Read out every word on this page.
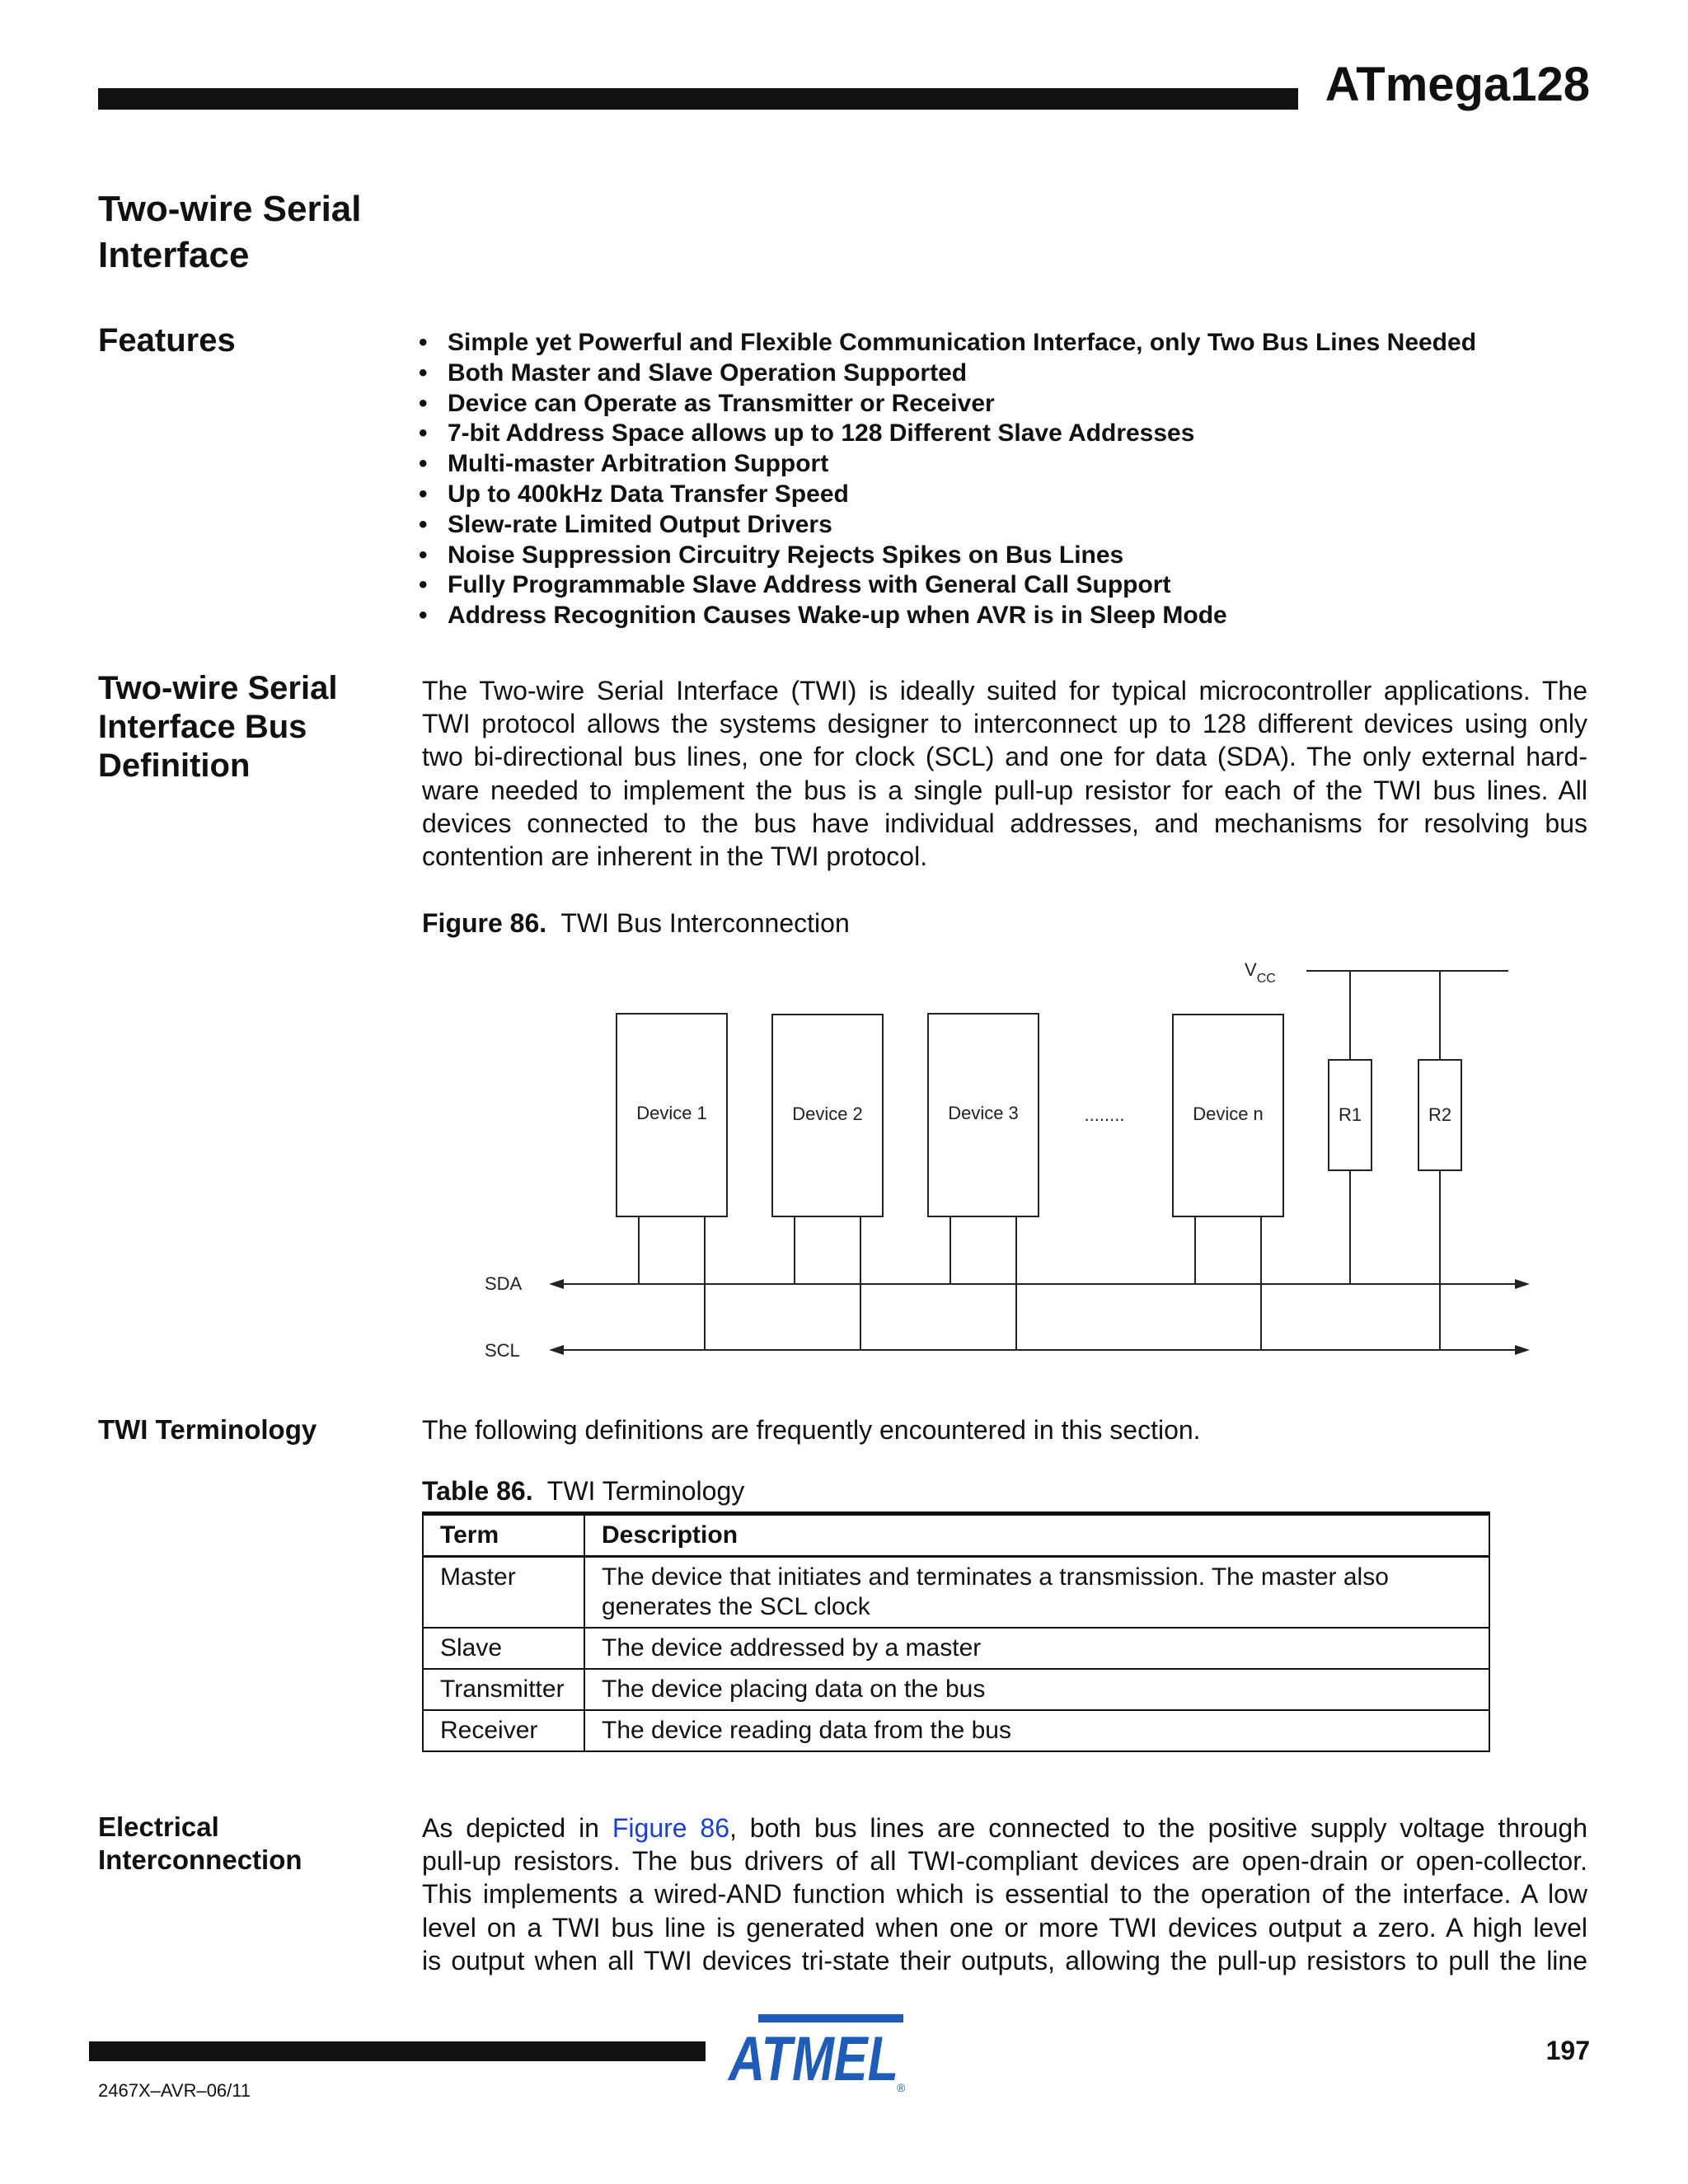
ATmega128
Two-wire Serial
Interface
Features	• Simple yet Powerful and Flexible Communication Interface, only Two Bus Lines Needed
• Both Master and Slave Operation Supported
• Device can Operate as Transmitter or Receiver
• 7-bit Address Space allows up to 128 Different Slave Addresses
• Multi-master Arbitration Support
• Up to 400kHz Data Transfer Speed
• Slew-rate Limited Output Drivers
• Noise Suppression Circuitry Rejects Spikes on Bus Lines
• Fully Programmable Slave Address with General Call Support
• Address Recognition Causes Wake-up when AVR is in Sleep Mode
Two-wire Serial
Interface Bus
Definition
The Two-wire Serial Interface (TWI) is ideally suited for typical microcontroller applications. The
TWI protocol allows the systems designer to interconnect up to 128 different devices using only
two bi-directional bus lines, one for clock (SCL) and one for data (SDA). The only external hard-
ware needed to implement the bus is a single pull-up resistor for each of the TWI bus lines. All
devices connected to the bus have individual addresses, and mechanisms for resolving bus
contention are inherent in the TWI protocol.
Figure 86. TWI Bus Interconnection
$V_{CC}$
Device 1	Device 2	Device 3	........	Device n	R1	R2
SDA
SCL
TWI Terminology	The following definitions are frequently encountered in this section.
Table 86. TWI Terminology
Term	Description
Master	The device that initiates and terminates a transmission. The master also
generates the SCL clock

Slave	The device addressed by a master
Transmitter	The device placing data on the bus
Receiver	The device reading data from the bus
Electrical
Interconnection
As depicted in Figure 86, both bus lines are connected to the positive supply voltage through
pull-up resistors. The bus drivers of all TWI-compliant devices are open-drain or open-collector.
This implements a wired-AND function which is essential to the operation of the interface. A low
level on a TWI bus line is generated when one or more TWI devices output a zero. A high level
is output when all TWI devices tri-state their outputs, allowing the pull-up resistors to pull the line
ATMEL
®
197
2467X–AVR–06/11
